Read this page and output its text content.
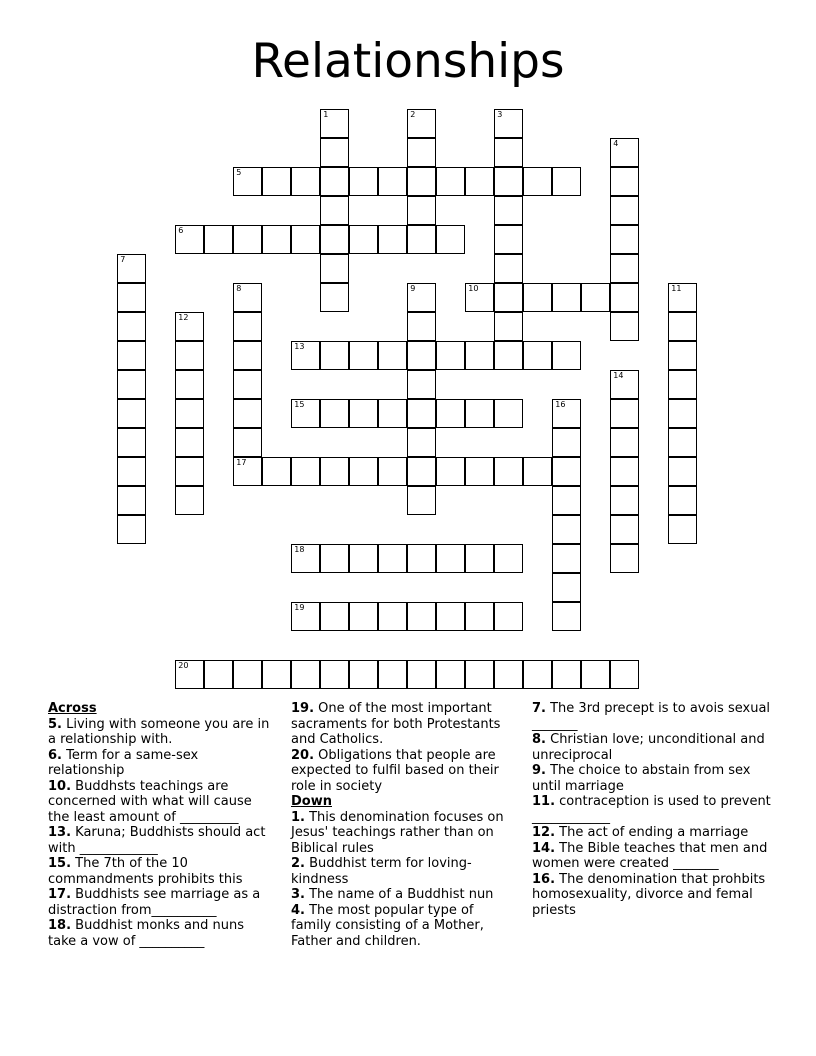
Relationships
1	2	3
4
5
6
7
8	9	10	11
12
13
14
15	16
17
18
19
20
Across
5. Living with someone you are in a relationship with.
6. Term for a same-sex relationship
10. Buddhsts teachings are concerned with what will cause the least amount of _________
13. Karuna; Buddhists should act with ____________
15. The 7th of the 10 commandments prohibits this
17. Buddhists see marriage as a distraction from__________
18. Buddhist monks and nuns take a vow of __________
19. One of the most important sacraments for both Protestants and Catholics.
20. Obligations that people are expected to fulfil based on their role in society
Down
1. This denomination focuses on Jesus' teachings rather than on Biblical rules
2. Buddhist term for loving-kindness
3. The name of a Buddhist nun
4. The most popular type of family consisting of a Mother, Father and children.
7. The 3rd precept is to avois sexual _______
8. Christian love; unconditional and unreciprocal
9. The choice to abstain from sex until marriage
11. contraception is used to prevent ____________
12. The act of ending a marriage
14. The Bible teaches that men and women were created _______
16. The denomination that prohbits homosexuality, divorce and femal priests
